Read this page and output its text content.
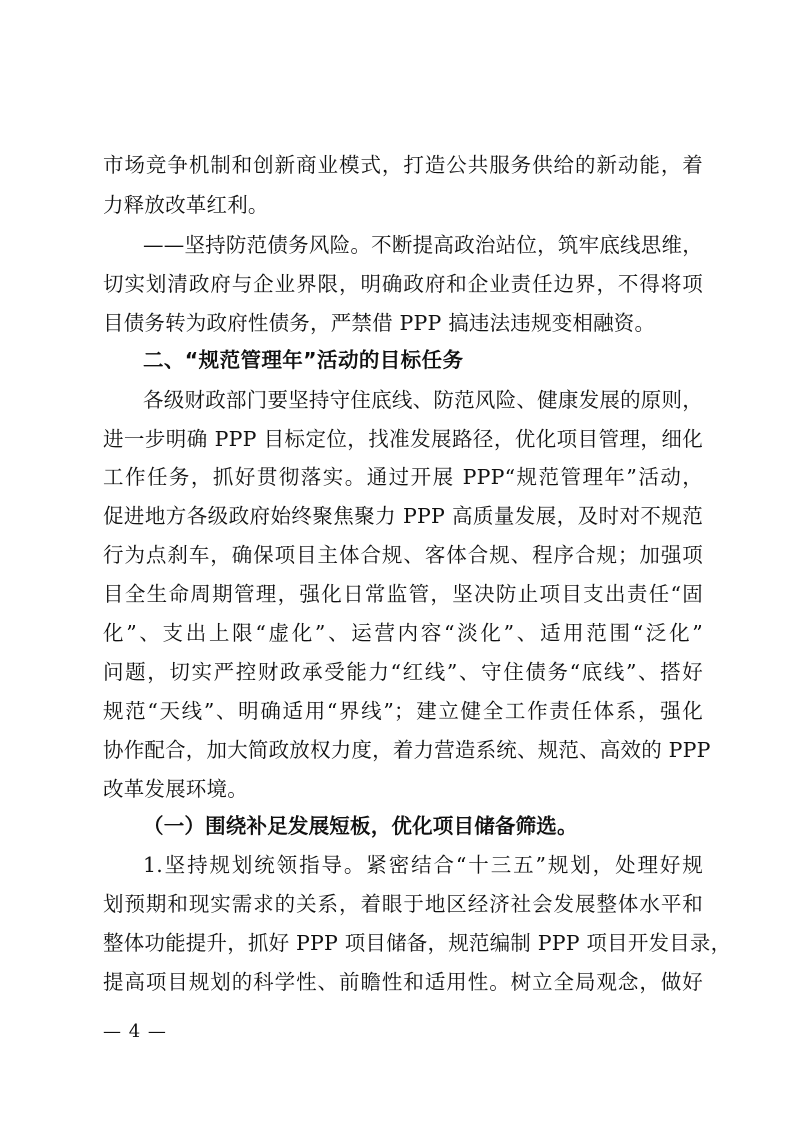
市场竞争机制和创新商业模式，打造公共服务供给的新动能，着
力释放改革红利。
——坚持防范债务风险。不断提高政治站位，筑牢底线思维，
切实划清政府与企业界限，明确政府和企业责任边界，不得将项
目债务转为政府性债务，严禁借 PPP 搞违法违规变相融资。
二、“规范管理年”活动的目标任务
各级财政部门要坚持守住底线、防范风险、健康发展的原则，
进一步明确 PPP 目标定位，找准发展路径，优化项目管理，细化
工作任务，抓好贯彻落实。通过开展 PPP“规范管理年”活动，
促进地方各级政府始终聚焦聚力 PPP 高质量发展，及时对不规范
行为点刹车，确保项目主体合规、客体合规、程序合规；加强项
目全生命周期管理，强化日常监管，坚决防止项目支出责任“固
化”、支出上限“虚化”、运营内容“淡化”、适用范围“泛化”
问题，切实严控财政承受能力“红线”、守住债务“底线”、搭好
规范“天线”、明确适用“界线”；建立健全工作责任体系，强化
协作配合，加大简政放权力度，着力营造系统、规范、高效的 PPP
改革发展环境。
（一）围绕补足发展短板，优化项目储备筛选。
1.坚持规划统领指导。紧密结合“十三五”规划，处理好规
划预期和现实需求的关系，着眼于地区经济社会发展整体水平和
整体功能提升，抓好 PPP 项目储备，规范编制 PPP 项目开发目录，
提高项目规划的科学性、前瞻性和适用性。树立全局观念，做好
— 4 —
